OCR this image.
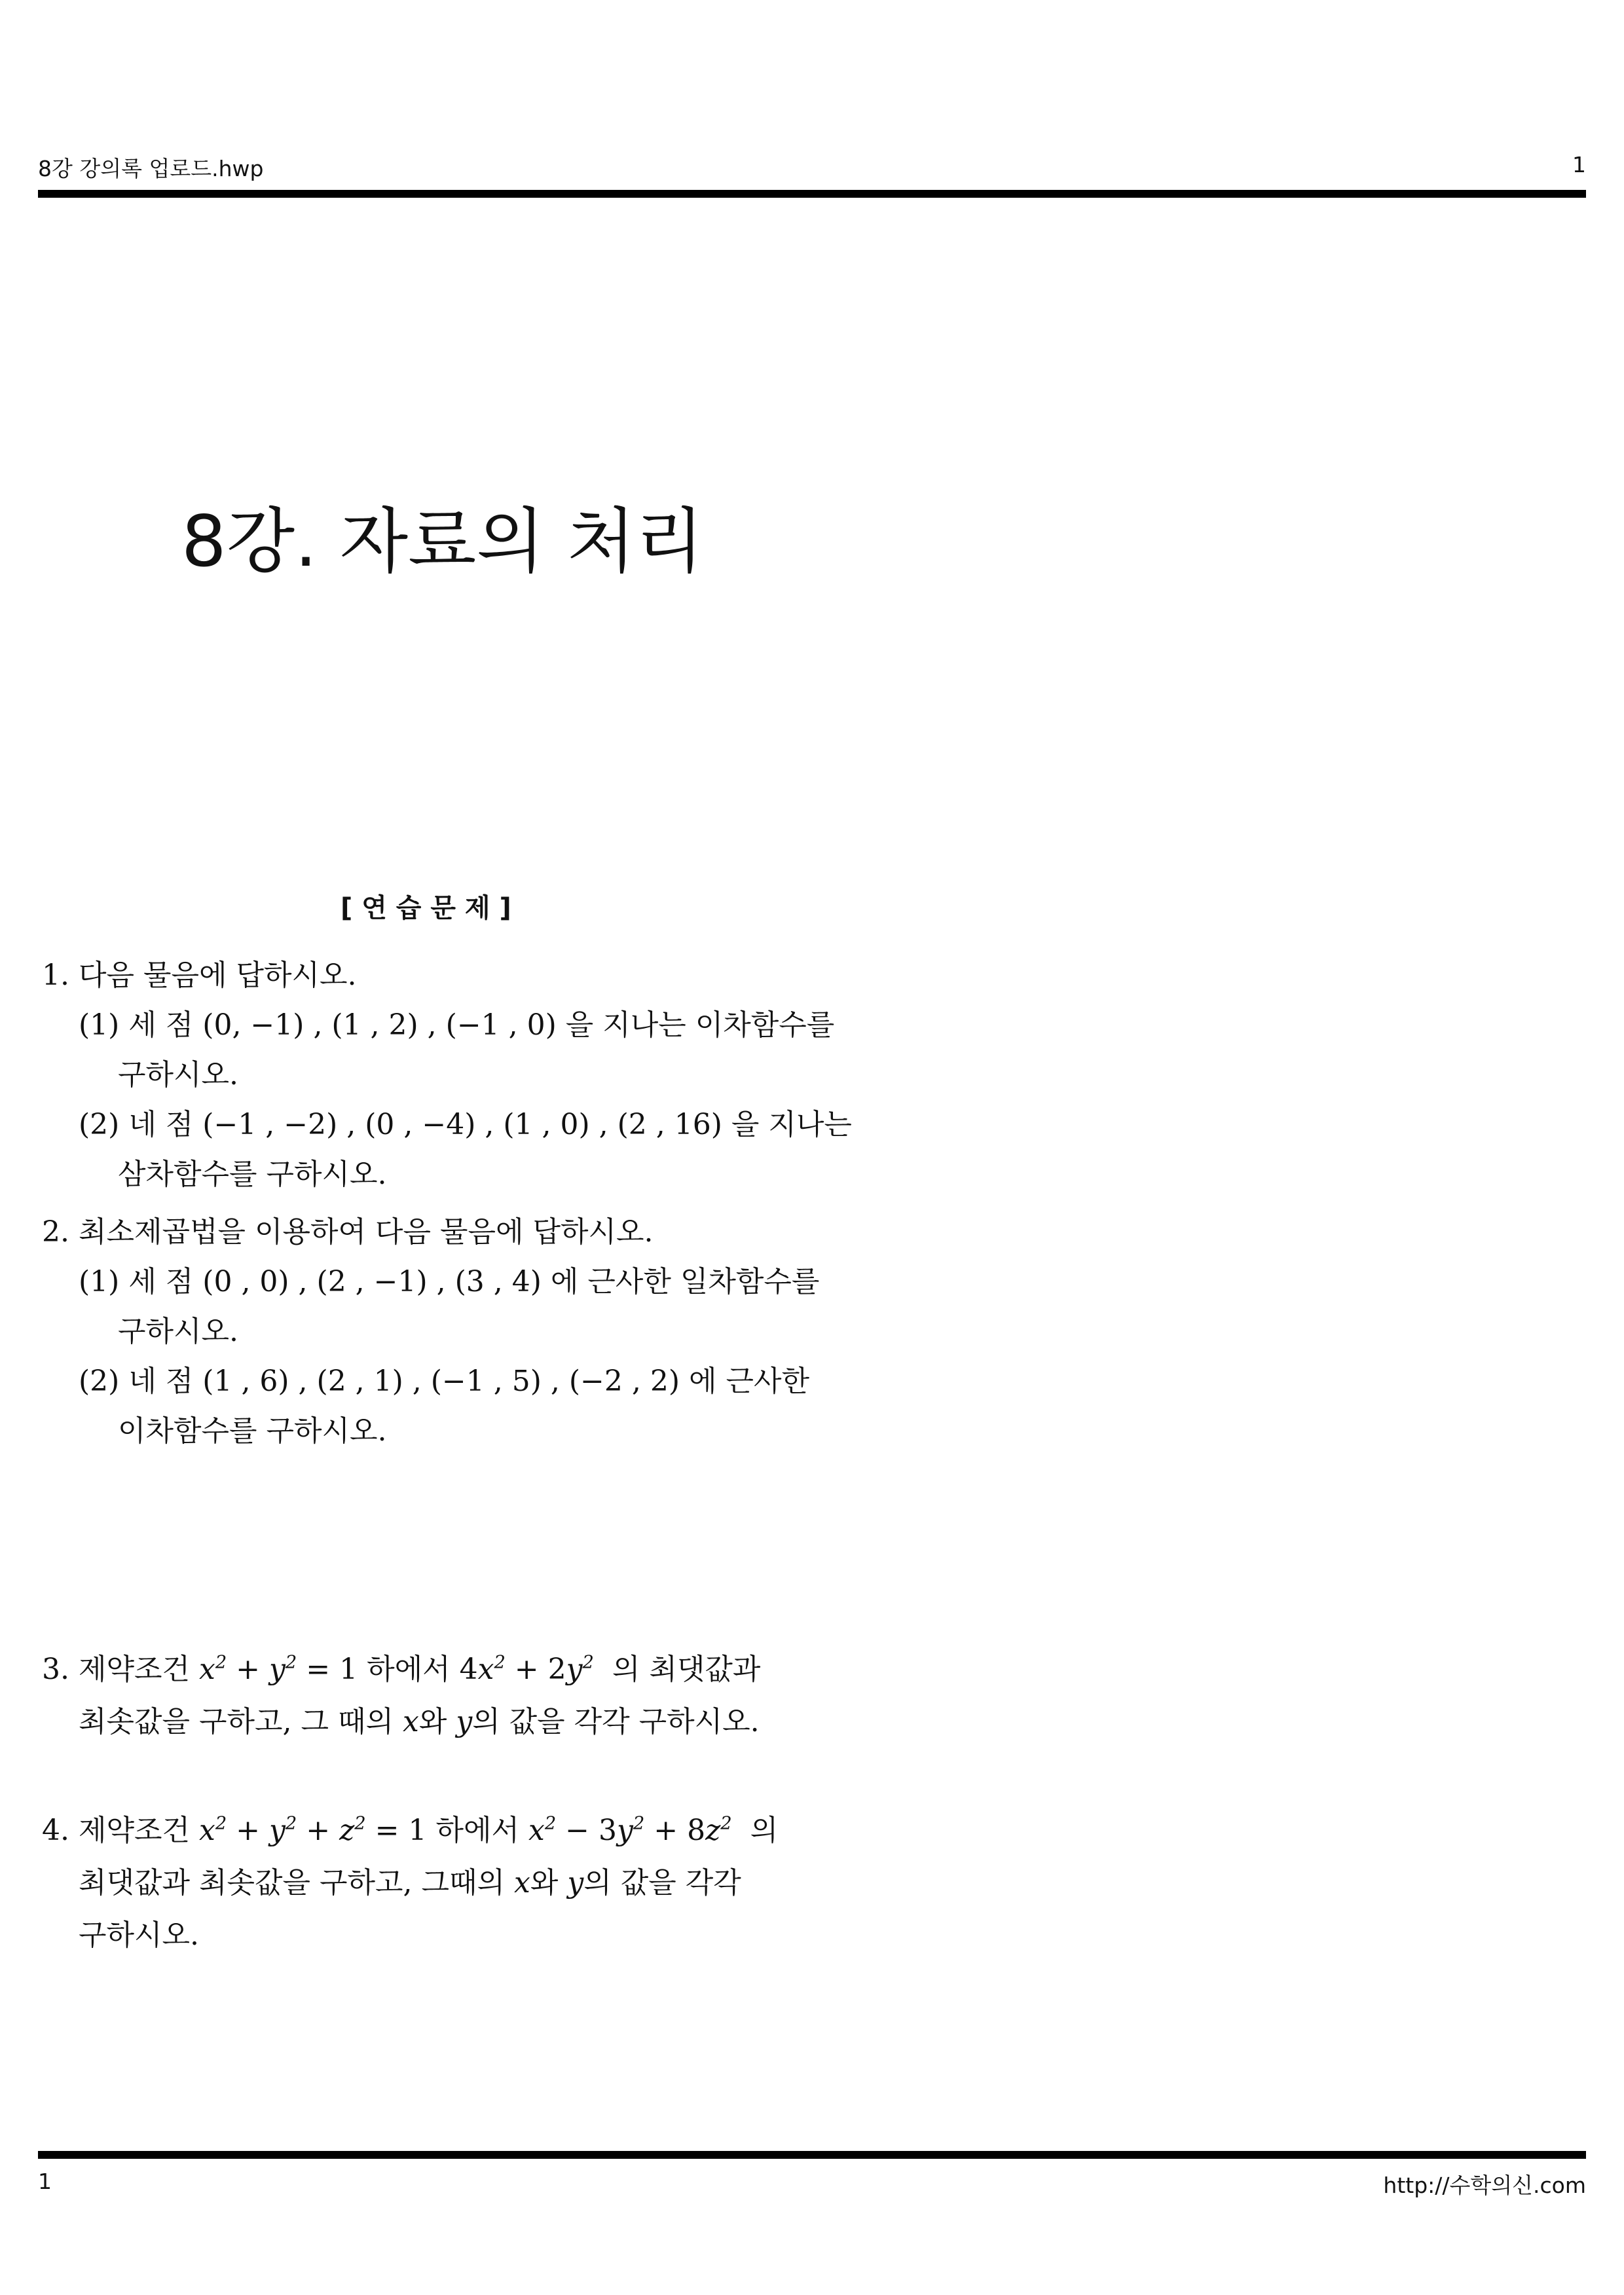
8강 강의록 업로드.hwp	1
8강. 자료의 처리
[ 연 습 문 제 ]
1. 다음 물음에 답하시오.
(1) 세 점 (0, −1) , (1 , 2) , (−1 , 0) 을 지나는 이차함수를
구하시오.
(2) 네 점 (−1 , −2) , (0 , −4) , (1 , 0) , (2 , 16) 을 지나는
삼차함수를 구하시오.
2. 최소제곱법을 이용하여 다음 물음에 답하시오.
(1) 세 점 (0 , 0) , (2 , −1) , (3 , 4) 에 근사한 일차함수를
구하시오.
(2) 네 점 (1 , 6) , (2 , 1) , (−1 , 5) , (−2 , 2) 에 근사한
이차함수를 구하시오.
3. 제약조건 $x^2 + y^2 = 1$ 하에서 $4x^2 + 2y^2$ 의 최댓값과
최솟값을 구하고, 그 때의 x와 y의 값을 각각 구하시오.
4. 제약조건 $x^2 + y^2 + z^2 = 1$ 하에서 $x^2 - 3y^2 + 8z^2$ 의
최댓값과 최솟값을 구하고, 그때의 x와 y의 값을 각각
구하시오.
1	http://수학의신.com
